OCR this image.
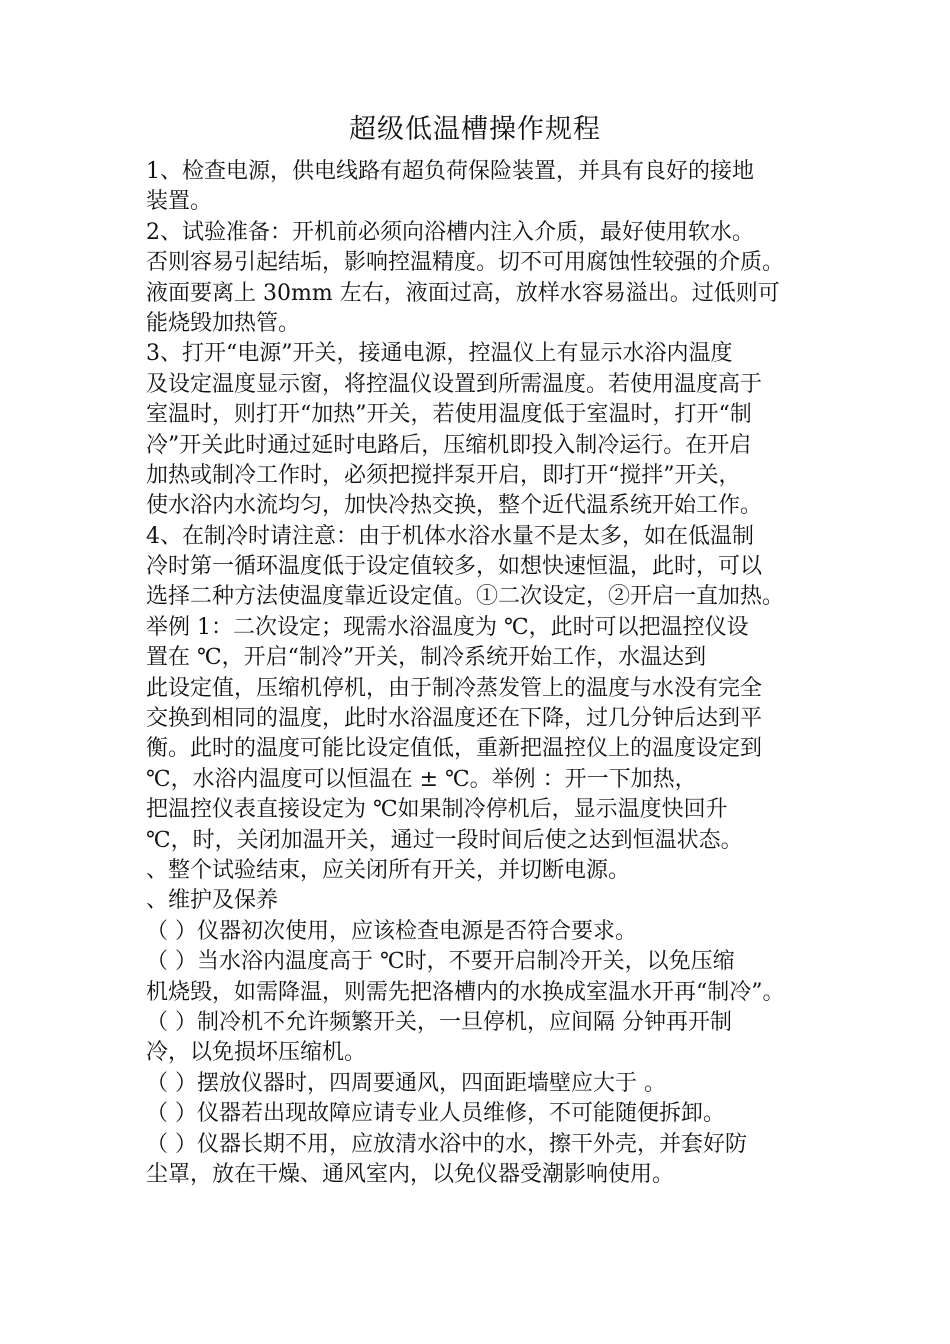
超级低温槽操作规程
1、检查电源，供电线路有超负荷保险装置，并具有良好的接地
装置。
2、试验准备：开机前必须向浴槽内注入介质，最好使用软水。
否则容易引起结垢，影响控温精度。切不可用腐蚀性较强的介质。
液面要离上 30mm 左右，液面过高，放样水容易溢出。过低则可
能烧毁加热管。
3、打开“电源”开关，接通电源，控温仪上有显示水浴内温度
及设定温度显示窗，将控温仪设置到所需温度。若使用温度高于
室温时，则打开“加热”开关，若使用温度低于室温时，打开“制
冷”开关此时通过延时电路后，压缩机即投入制冷运行。在开启
加热或制冷工作时，必须把搅拌泵开启，即打开“搅拌”开关，
使水浴内水流均匀，加快冷热交换，整个近代温系统开始工作。
4、在制冷时请注意：由于机体水浴水量不是太多，如在低温制
冷时第一循环温度低于设定值较多，如想快速恒温，此时，可以
选择二种方法使温度靠近设定值。①二次设定，②开启一直加热。
举例 1：二次设定；现需水浴温度为 ℃，此时可以把温控仪设
置在 ℃，开启“制冷”开关，制冷系统开始工作，水温达到
此设定值，压缩机停机，由于制冷蒸发管上的温度与水没有完全
交换到相同的温度，此时水浴温度还在下降，过几分钟后达到平
衡。此时的温度可能比设定值低，重新把温控仪上的温度设定到
℃，水浴内温度可以恒温在 ± ℃。举例 ：开一下加热，
把温控仪表直接设定为 ℃如果制冷停机后，显示温度快回升
℃，时，关闭加温开关，通过一段时间后使之达到恒温状态。
、整个试验结束，应关闭所有开关，并切断电源。
、维护及保养
（ ）仪器初次使用，应该检查电源是否符合要求。
（ ）当水浴内温度高于 ℃时，不要开启制冷开关，以免压缩
机烧毁，如需降温，则需先把洛槽内的水换成室温水开再“制冷”。
（ ）制冷机不允许频繁开关，一旦停机，应间隔 分钟再开制
冷，以免损坏压缩机。
（ ）摆放仪器时，四周要通风，四面距墙壁应大于 。
（ ）仪器若出现故障应请专业人员维修，不可能随便拆卸。
（ ）仪器长期不用，应放清水浴中的水，擦干外壳，并套好防
尘罩，放在干燥、通风室内，以免仪器受潮影响使用。
